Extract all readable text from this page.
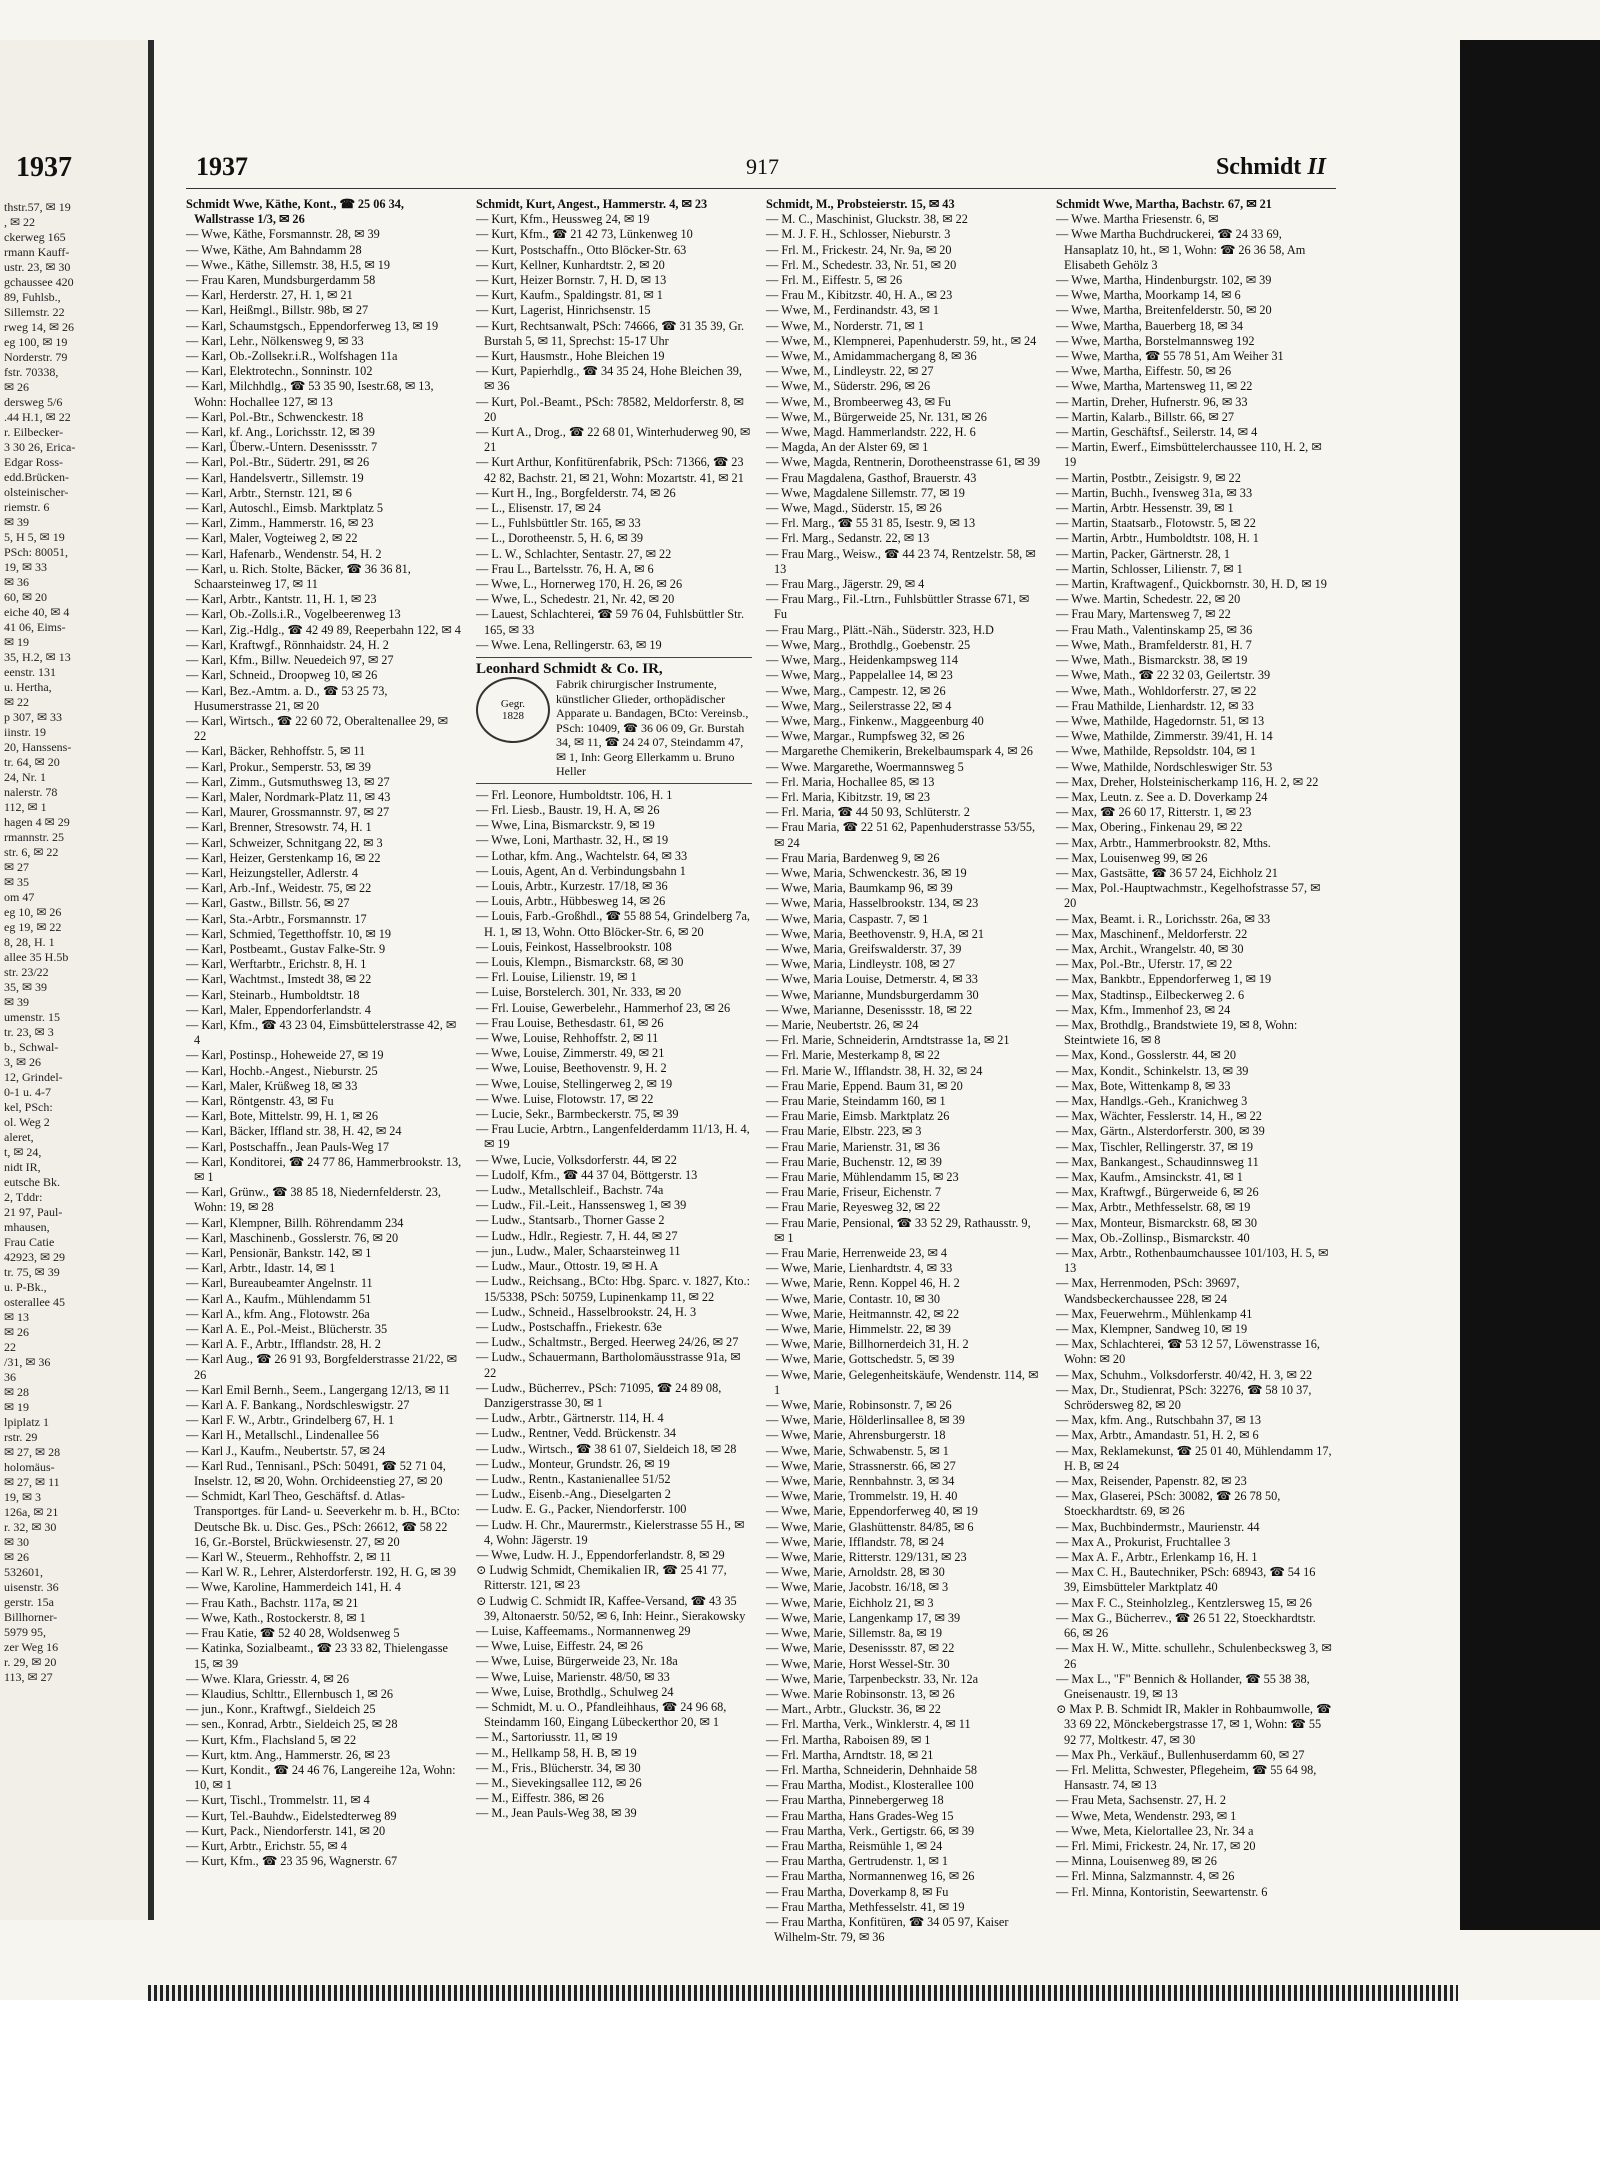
1937
thstr.57, ✉ 19
, ✉ 22
ckerweg 165
rmann Kauff-
ustr. 23, ✉ 30
gchaussee 420
89, Fuhlsb.,
Sillemstr. 22
rweg 14, ✉ 26
eg 100, ✉ 19
Norderstr. 79
fstr. 70338,
✉ 26
dersweg 5/6
.44 H.1, ✉ 22
r. Eilbecker-
3 30 26, Erica-
Edgar Ross-
edd.Brücken-
olsteinischer-
riemstr. 6
✉ 39
5, H 5, ✉ 19
PSch: 80051,
19, ✉ 33
✉ 36
60, ✉ 20
eiche 40, ✉ 4
41 06, Eims-
✉ 19
35, H.2, ✉ 13
eenstr. 131
u. Hertha,
✉ 22
p 307, ✉ 33
iinstr. 19
20, Hanssens-
tr. 64, ✉ 20
24, Nr. 1
nalerstr. 78
112, ✉ 1
hagen 4 ✉ 29
rmannstr. 25
str. 6, ✉ 22
✉ 27
✉ 35
om 47
eg 10, ✉ 26
eg 19, ✉ 22
8, 28, H. 1
allee 35 H.5b
str. 23/22
35, ✉ 39
✉ 39
umenstr. 15
tr. 23, ✉ 3
b., Schwal-
3, ✉ 26
12, Grindel-
0-1 u. 4-7
kel, PSch:
ol. Weg 2
aleret,
t, ✉ 24,
nidt IR,
eutsche Bk.
2, Tddr:
21 97, Paul-
mhausen,
Frau Catie
42923, ✉ 29
tr. 75, ✉ 39
u. P-Bk.,
osterallee 45
✉ 13
✉ 26
22
/31, ✉ 36
36
✉ 28
✉ 19
lpiplatz 1
rstr. 29
✉ 27, ✉ 28
holomäus-
✉ 27, ✉ 11
19, ✉ 3
126a, ✉ 21
r. 32, ✉ 30
✉ 30
✉ 26
532601,
uisenstr. 36
gerstr. 15a
Billhorner-
5979 95,
zer Weg 16
r. 29, ✉ 20
113, ✉ 27
1937	917	Schmidt II
Schmidt Wwe, Käthe, Kont., ☎ 25 06 34, Wallstrasse 1/3, ✉ 26
— Wwe, Käthe, Forsmannstr. 28, ✉ 39
— Wwe, Käthe, Am Bahndamm 28
— Wwe., Käthe, Sillemstr. 38, H.5, ✉ 19
— Frau Karen, Mundsburgerdamm 58
— Karl, Herderstr. 27, H. 1, ✉ 21
— Karl, Heißmgl., Billstr. 98b, ✉ 27
— Karl, Schaumstgsch., Eppendorferweg 13, ✉ 19
— Karl, Lehr., Nölkensweg 9, ✉ 33
— Karl, Ob.-Zollsekr.i.R., Wolfshagen 11a
— Karl, Elektrotechn., Sonninstr. 102
— Karl, Milchhdlg., ☎ 53 35 90, Isestr.68, ✉ 13, Wohn: Hochallee 127, ✉ 13
— Karl, Pol.-Btr., Schwenckestr. 18
— Karl, kf. Ang., Lorichsstr. 12, ✉ 39
— Karl, Überw.-Untern. Desenissstr. 7
— Karl, Pol.-Btr., Südertr. 291, ✉ 26
— Karl, Handelsvertr., Sillemstr. 19
— Karl, Arbtr., Sternstr. 121, ✉ 6
— Karl, Autoschl., Eimsb. Marktplatz 5
— Karl, Zimm., Hammerstr. 16, ✉ 23
— Karl, Maler, Vogteiweg 2, ✉ 22
— Karl, Hafenarb., Wendenstr. 54, H. 2
— Karl, u. Rich. Stolte, Bäcker, ☎ 36 36 81, Schaarsteinweg 17, ✉ 11
— Karl, Arbtr., Kantstr. 11, H. 1, ✉ 23
— Karl, Ob.-Zolls.i.R., Vogelbeerenweg 13
— Karl, Zig.-Hdlg., ☎ 42 49 89, Reeperbahn 122, ✉ 4
— Karl, Kraftwgf., Rönnhaidstr. 24, H. 2
— Karl, Kfm., Billw. Neuedeich 97, ✉ 27
— Karl, Schneid., Droopweg 10, ✉ 26
— Karl, Bez.-Amtm. a. D., ☎ 53 25 73, Husumerstrasse 21, ✉ 20
— Karl, Wirtsch., ☎ 22 60 72, Oberaltenallee 29, ✉ 22
— Karl, Bäcker, Rehhoffstr. 5, ✉ 11
— Karl, Prokur., Semperstr. 53, ✉ 39
— Karl, Zimm., Gutsmuthsweg 13, ✉ 27
— Karl, Maler, Nordmark-Platz 11, ✉ 43
— Karl, Maurer, Grossmannstr. 97, ✉ 27
— Karl, Brenner, Stresowstr. 74, H. 1
— Karl, Schweizer, Schnitgang 22, ✉ 3
— Karl, Heizer, Gerstenkamp 16, ✉ 22
— Karl, Heizungsteller, Adlerstr. 4
— Karl, Arb.-Inf., Weidestr. 75, ✉ 22
— Karl, Gastw., Billstr. 56, ✉ 27
— Karl, Sta.-Arbtr., Forsmannstr. 17
— Karl, Schmied, Tegetthoffstr. 10, ✉ 19
— Karl, Postbeamt., Gustav Falke-Str. 9
— Karl, Werftarbtr., Erichstr. 8, H. 1
— Karl, Wachtmst., Imstedt 38, ✉ 22
— Karl, Steinarb., Humboldtstr. 18
— Karl, Maler, Eppendorferlandstr. 4
— Karl, Kfm., ☎ 43 23 04, Eimsbüttelerstrasse 42, ✉ 4
— Karl, Postinsp., Hoheweide 27, ✉ 19
— Karl, Hochb.-Angest., Nieburstr. 25
— Karl, Maler, Krüßweg 18, ✉ 33
— Karl, Röntgenstr. 43, ✉ Fu
— Karl, Bote, Mittelstr. 99, H. 1, ✉ 26
— Karl, Bäcker, Iffland str. 38, H. 42, ✉ 24
— Karl, Postschaffn., Jean Pauls-Weg 17
— Karl, Konditorei, ☎ 24 77 86, Hammerbrookstr. 13, ✉ 1
— Karl, Grünw., ☎ 38 85 18, Niedernfelderstr. 23, Wohn: 19, ✉ 28
— Karl, Klempner, Billh. Röhrendamm 234
— Karl, Maschinenb., Gosslerstr. 76, ✉ 20
— Karl, Pensionär, Bankstr. 142, ✉ 1
— Karl, Arbtr., Idastr. 14, ✉ 1
— Karl, Bureaubeamter Angelnstr. 11
— Karl A., Kaufm., Mühlendamm 51
— Karl A., kfm. Ang., Flotowstr. 26a
— Karl A. E., Pol.-Meist., Blücherstr. 35
— Karl A. F., Arbtr., Ifflandstr. 28, H. 2
— Karl Aug., ☎ 26 91 93, Borgfelderstrasse 21/22, ✉ 26
— Karl Emil Bernh., Seem., Langergang 12/13, ✉ 11
— Karl A. F. Bankang., Nordschleswigstr. 27
— Karl F. W., Arbtr., Grindelberg 67, H. 1
— Karl H., Metallschl., Lindenallee 56
— Karl J., Kaufm., Neubertstr. 57, ✉ 24
— Karl Rud., Tennisanl., PSch: 50491, ☎ 52 71 04, Inselstr. 12, ✉ 20, Wohn. Orchideenstieg 27, ✉ 20
— Schmidt, Karl Theo, Geschäftsf. d. Atlas-Transportges. für Land- u. Seeverkehr m. b. H., BCto: Deutsche Bk. u. Disc. Ges., PSch: 26612, ☎ 58 22 16, Gr.-Borstel, Brückwiesenstr. 27, ✉ 20
— Karl W., Steuerm., Rehhoffstr. 2, ✉ 11
— Karl W. R., Lehrer, Alsterdorferstr. 192, H. G, ✉ 39
— Wwe, Karoline, Hammerdeich 141, H. 4
— Frau Kath., Bachstr. 117a, ✉ 21
— Wwe, Kath., Rostockerstr. 8, ✉ 1
— Frau Katie, ☎ 52 40 28, Woldsenweg 5
— Katinka, Sozialbeamt., ☎ 23 33 82, Thielengasse 15, ✉ 39
— Wwe. Klara, Griesstr. 4, ✉ 26
— Klaudius, Schlttr., Ellernbusch 1, ✉ 26
— jun., Konr., Kraftwgf., Sieldeich 25
— sen., Konrad, Arbtr., Sieldeich 25, ✉ 28
— Kurt, Kfm., Flachsland 5, ✉ 22
— Kurt, ktm. Ang., Hammerstr. 26, ✉ 23
— Kurt, Kondit., ☎ 24 46 76, Langereihe 12a, Wohn: 10, ✉ 1
— Kurt, Tischl., Trommelstr. 11, ✉ 4
— Kurt, Tel.-Bauhdw., Eidelstedterweg 89
— Kurt, Pack., Niendorferstr. 141, ✉ 20
— Kurt, Arbtr., Erichstr. 55, ✉ 4
— Kurt, Kfm., ☎ 23 35 96, Wagnerstr. 67
Schmidt, Kurt, Angest., Hammerstr. 4, ✉ 23
— Kurt, Kfm., Heussweg 24, ✉ 19
— Kurt, Kfm., ☎ 21 42 73, Lünkenweg 10
— Kurt, Postschaffn., Otto Blöcker-Str. 63
— Kurt, Kellner, Kunhardtstr. 2, ✉ 20
— Kurt, Heizer Bornstr. 7, H. D, ✉ 13
— Kurt, Kaufm., Spaldingstr. 81, ✉ 1
— Kurt, Lagerist, Hinrichsenstr. 15
— Kurt, Rechtsanwalt, PSch: 74666, ☎ 31 35 39, Gr. Burstah 5, ✉ 11, Sprechst: 15-17 Uhr
— Kurt, Hausmstr., Hohe Bleichen 19
— Kurt, Papierhdlg., ☎ 34 35 24, Hohe Bleichen 39, ✉ 36
— Kurt, Pol.-Beamt., PSch: 78582, Meldorferstr. 8, ✉ 20
— Kurt A., Drog., ☎ 22 68 01, Winterhuderweg 90, ✉ 21
— Kurt Arthur, Konfitürenfabrik, PSch: 71366, ☎ 23 42 82, Bachstr. 21, ✉ 21, Wohn: Mozartstr. 41, ✉ 21
— Kurt H., Ing., Borgfelderstr. 74, ✉ 26
— L., Elisenstr. 17, ✉ 24
— L., Fuhlsbüttler Str. 165, ✉ 33
— L., Dorotheenstr. 5, H. 6, ✉ 39
— L. W., Schlachter, Sentastr. 27, ✉ 22
— Frau L., Bartelsstr. 76, H. A, ✉ 6
— Wwe, L., Hornerweg 170, H. 26, ✉ 26
— Wwe, L., Schedestr. 21, Nr. 42, ✉ 20
— Lauest, Schlachterei, ☎ 59 76 04, Fuhlsbüttler Str. 165, ✉ 33
— Wwe. Lena, Rellingerstr. 63, ✉ 19
Leonhard Schmidt & Co. IR,
Gegr.
1828
Fabrik chirurgischer Instrumente, künstlicher Glieder, orthopädischer Apparate u. Bandagen, BCto: Vereinsb., PSch: 10409, ☎ 36 06 09, Gr. Burstah 34, ✉ 11, ☎ 24 24 07, Steindamm 47, ✉ 1, Inh: Georg Ellerkamm u. Bruno Heller
— Frl. Leonore, Humboldtstr. 106, H. 1
— Frl. Liesb., Baustr. 19, H. A, ✉ 26
— Wwe, Lina, Bismarckstr. 9, ✉ 19
— Wwe, Loni, Marthastr. 32, H., ✉ 19
— Lothar, kfm. Ang., Wachtelstr. 64, ✉ 33
— Louis, Agent, An d. Verbindungsbahn 1
— Louis, Arbtr., Kurzestr. 17/18, ✉ 36
— Louis, Arbtr., Hübbesweg 14, ✉ 26
— Louis, Farb.-Großhdl., ☎ 55 88 54, Grindelberg 7a, H. 1, ✉ 13, Wohn. Otto Blöcker-Str. 6, ✉ 20
— Louis, Feinkost, Hasselbrookstr. 108
— Louis, Klempn., Bismarckstr. 68, ✉ 30
— Frl. Louise, Lilienstr. 19, ✉ 1
— Luise, Borstelerch. 301, Nr. 333, ✉ 20
— Frl. Louise, Gewerbelehr., Hammerhof 23, ✉ 26
— Frau Louise, Bethesdastr. 61, ✉ 26
— Wwe, Louise, Rehhoffstr. 2, ✉ 11
— Wwe, Louise, Zimmerstr. 49, ✉ 21
— Wwe, Louise, Beethovenstr. 9, H. 2
— Wwe, Louise, Stellingerweg 2, ✉ 19
— Wwe. Luise, Flotowstr. 17, ✉ 22
— Lucie, Sekr., Barmbeckerstr. 75, ✉ 39
— Frau Lucie, Arbtrn., Langenfelderdamm 11/13, H. 4, ✉ 19
— Wwe, Lucie, Volksdorferstr. 44, ✉ 22
— Ludolf, Kfm., ☎ 44 37 04, Böttgerstr. 13
— Ludw., Metallschleif., Bachstr. 74a
— Ludw., Fil.-Leit., Hanssensweg 1, ✉ 39
— Ludw., Stantsarb., Thorner Gasse 2
— Ludw., Hdlr., Regiestr. 7, H. 44, ✉ 27
— jun., Ludw., Maler, Schaarsteinweg 11
— Ludw., Maur., Ottostr. 19, ✉ H. A
— Ludw., Reichsang., BCto: Hbg. Sparc. v. 1827, Kto.: 15/5338, PSch: 50759, Lupinenkamp 11, ✉ 22
— Ludw., Schneid., Hasselbrookstr. 24, H. 3
— Ludw., Postschaffn., Friekestr. 63e
— Ludw., Schaltmstr., Berged. Heerweg 24/26, ✉ 27
— Ludw., Schauermann, Bartholomäusstrasse 91a, ✉ 22
— Ludw., Bücherrev., PSch: 71095, ☎ 24 89 08, Danzigerstrasse 30, ✉ 1
— Ludw., Arbtr., Gärtnerstr. 114, H. 4
— Ludw., Rentner, Vedd. Brückenstr. 34
— Ludw., Wirtsch., ☎ 38 61 07, Sieldeich 18, ✉ 28
— Ludw., Monteur, Grundstr. 26, ✉ 19
— Ludw., Rentn., Kastanienallee 51/52
— Ludw., Eisenb.-Ang., Dieselgarten 2
— Ludw. E. G., Packer, Niendorferstr. 100
— Ludw. H. Chr., Maurermstr., Kielerstrasse 55 H., ✉ 4, Wohn: Jägerstr. 19
— Wwe, Ludw. H. J., Eppendorferlandstr. 8, ✉ 29
⊙ Ludwig Schmidt, Chemikalien IR, ☎ 25 41 77, Ritterstr. 121, ✉ 23
⊙ Ludwig C. Schmidt IR, Kaffee-Versand, ☎ 43 35 39, Altonaerstr. 50/52, ✉ 6, Inh: Heinr., Sierakowsky
— Luise, Kaffeemams., Normannenweg 29
— Wwe, Luise, Eiffestr. 24, ✉ 26
— Wwe, Luise, Bürgerweide 23, Nr. 18a
— Wwe, Luise, Marienstr. 48/50, ✉ 33
— Wwe, Luise, Brothdlg., Schulweg 24
— Schmidt, M. u. O., Pfandleihhaus, ☎ 24 96 68, Steindamm 160, Eingang Lübeckerthor 20, ✉ 1
— M., Sartoriusstr. 11, ✉ 19
— M., Hellkamp 58, H. B, ✉ 19
— M., Fris., Blücherstr. 34, ✉ 30
— M., Sievekingsallee 112, ✉ 26
— M., Eiffestr. 386, ✉ 26
— M., Jean Pauls-Weg 38, ✉ 39
Schmidt, M., Probsteierstr. 15, ✉ 43
— M. C., Maschinist, Gluckstr. 38, ✉ 22
— M. J. F. H., Schlosser, Nieburstr. 3
— Frl. M., Frickestr. 24, Nr. 9a, ✉ 20
— Frl. M., Schedestr. 33, Nr. 51, ✉ 20
— Frl. M., Eiffestr. 5, ✉ 26
— Frau M., Kibitzstr. 40, H. A., ✉ 23
— Wwe, M., Ferdinandstr. 43, ✉ 1
— Wwe, M., Norderstr. 71, ✉ 1
— Wwe, M., Klempnerei, Papenhuderstr. 59, ht., ✉ 24
— Wwe, M., Amidammachergang 8, ✉ 36
— Wwe, M., Lindleystr. 22, ✉ 27
— Wwe, M., Süderstr. 296, ✉ 26
— Wwe, M., Brombeerweg 43, ✉ Fu
— Wwe, M., Bürgerweide 25, Nr. 131, ✉ 26
— Wwe, Magd. Hammerlandstr. 222, H. 6
— Magda, An der Alster 69, ✉ 1
— Wwe, Magda, Rentnerin, Dorotheenstrasse 61, ✉ 39
— Frau Magdalena, Gasthof, Brauerstr. 43
— Wwe, Magdalene Sillemstr. 77, ✉ 19
— Wwe, Magd., Süderstr. 15, ✉ 26
— Frl. Marg., ☎ 55 31 85, Isestr. 9, ✉ 13
— Frl. Marg., Sedanstr. 22, ✉ 13
— Frau Marg., Weisw., ☎ 44 23 74, Rentzelstr. 58, ✉ 13
— Frau Marg., Jägerstr. 29, ✉ 4
— Frau Marg., Fil.-Ltrn., Fuhlsbüttler Strasse 671, ✉ Fu
— Frau Marg., Plätt.-Näh., Süderstr. 323, H.D
— Wwe, Marg., Brothdlg., Goebenstr. 25
— Wwe, Marg., Heidenkampsweg 114
— Wwe, Marg., Pappelallee 14, ✉ 23
— Wwe, Marg., Campestr. 12, ✉ 26
— Wwe, Marg., Seilerstrasse 22, ✉ 4
— Wwe, Marg., Finkenw., Maggeenburg 40
— Wwe, Margar., Rumpfsweg 32, ✉ 26
— Margarethe Chemikerin, Brekelbaumspark 4, ✉ 26
— Wwe. Margarethe, Woermannsweg 5
— Frl. Maria, Hochallee 85, ✉ 13
— Frl. Maria, Kibitzstr. 19, ✉ 23
— Frl. Maria, ☎ 44 50 93, Schlüterstr. 2
— Frau Maria, ☎ 22 51 62, Papenhuderstrasse 53/55, ✉ 24
— Frau Maria, Bardenweg 9, ✉ 26
— Wwe, Maria, Schwenckestr. 36, ✉ 19
— Wwe, Maria, Baumkamp 96, ✉ 39
— Wwe, Maria, Hasselbrookstr. 134, ✉ 23
— Wwe, Maria, Caspastr. 7, ✉ 1
— Wwe, Maria, Beethovenstr. 9, H.A, ✉ 21
— Wwe, Maria, Greifswalderstr. 37, 39
— Wwe, Maria, Lindleystr. 108, ✉ 27
— Wwe, Maria Louise, Detmerstr. 4, ✉ 33
— Wwe, Marianne, Mundsburgerdamm 30
— Wwe, Marianne, Desenissstr. 18, ✉ 22
— Marie, Neubertstr. 26, ✉ 24
— Frl. Marie, Schneiderin, Arndtstrasse 1a, ✉ 21
— Frl. Marie, Mesterkamp 8, ✉ 22
— Frl. Marie W., Ifflandstr. 38, H. 32, ✉ 24
— Frau Marie, Eppend. Baum 31, ✉ 20
— Frau Marie, Steindamm 160, ✉ 1
— Frau Marie, Eimsb. Marktplatz 26
— Frau Marie, Elbstr. 223, ✉ 3
— Frau Marie, Marienstr. 31, ✉ 36
— Frau Marie, Buchenstr. 12, ✉ 39
— Frau Marie, Mühlendamm 15, ✉ 23
— Frau Marie, Friseur, Eichenstr. 7
— Frau Marie, Reyesweg 32, ✉ 22
— Frau Marie, Pensional, ☎ 33 52 29, Rathausstr. 9, ✉ 1
— Frau Marie, Herrenweide 23, ✉ 4
— Wwe, Marie, Lienhardtstr. 4, ✉ 33
— Wwe, Marie, Renn. Koppel 46, H. 2
— Wwe, Marie, Contastr. 10, ✉ 30
— Wwe, Marie, Heitmannstr. 42, ✉ 22
— Wwe, Marie, Himmelstr. 22, ✉ 39
— Wwe, Marie, Billhornerdeich 31, H. 2
— Wwe, Marie, Gottschedstr. 5, ✉ 39
— Wwe, Marie, Gelegenheitskäufe, Wendenstr. 114, ✉ 1
— Wwe, Marie, Robinsonstr. 7, ✉ 26
— Wwe, Marie, Hölderlinsallee 8, ✉ 39
— Wwe, Marie, Ahrensburgerstr. 18
— Wwe, Marie, Schwabenstr. 5, ✉ 1
— Wwe, Marie, Strassnerstr. 66, ✉ 27
— Wwe, Marie, Rennbahnstr. 3, ✉ 34
— Wwe, Marie, Trommelstr. 19, H. 40
— Wwe, Marie, Eppendorferweg 40, ✉ 19
— Wwe, Marie, Glashüttenstr. 84/85, ✉ 6
— Wwe, Marie, Ifflandstr. 78, ✉ 24
— Wwe, Marie, Ritterstr. 129/131, ✉ 23
— Wwe, Marie, Arnoldstr. 28, ✉ 30
— Wwe, Marie, Jacobstr. 16/18, ✉ 3
— Wwe, Marie, Eichholz 21, ✉ 3
— Wwe, Marie, Langenkamp 17, ✉ 39
— Wwe, Marie, Sillemstr. 8a, ✉ 19
— Wwe, Marie, Desenissstr. 87, ✉ 22
— Wwe, Marie, Horst Wessel-Str. 30
— Wwe, Marie, Tarpenbeckstr. 33, Nr. 12a
— Wwe. Marie Robinsonstr. 13, ✉ 26
— Mart., Arbtr., Gluckstr. 36, ✉ 22
— Frl. Martha, Verk., Winklerstr. 4, ✉ 11
— Frl. Martha, Raboisen 89, ✉ 1
— Frl. Martha, Arndtstr. 18, ✉ 21
— Frl. Martha, Schneiderin, Dehnhaide 58
— Frau Martha, Modist., Klosterallee 100
— Frau Martha, Pinnebergerweg 18
— Frau Martha, Hans Grades-Weg 15
— Frau Martha, Verk., Gertigstr. 66, ✉ 39
— Frau Martha, Reismühle 1, ✉ 24
— Frau Martha, Gertrudenstr. 1, ✉ 1
— Frau Martha, Normannenweg 16, ✉ 26
— Frau Martha, Doverkamp 8, ✉ Fu
— Frau Martha, Methfesselstr. 41, ✉ 19
— Frau Martha, Konfitüren, ☎ 34 05 97, Kaiser Wilhelm-Str. 79, ✉ 36
Schmidt Wwe, Martha, Bachstr. 67, ✉ 21
— Wwe. Martha Friesenstr. 6, ✉
— Wwe Martha Buchdruckerei, ☎ 24 33 69, Hansaplatz 10, ht., ✉ 1, Wohn: ☎ 26 36 58, Am Elisabeth Gehölz 3
— Wwe, Martha, Hindenburgstr. 102, ✉ 39
— Wwe, Martha, Moorkamp 14, ✉ 6
— Wwe, Martha, Breitenfelderstr. 50, ✉ 20
— Wwe, Martha, Bauerberg 18, ✉ 34
— Wwe, Martha, Borstelmannsweg 192
— Wwe, Martha, ☎ 55 78 51, Am Weiher 31
— Wwe, Martha, Eiffestr. 50, ✉ 26
— Wwe, Martha, Martensweg 11, ✉ 22
— Martin, Dreher, Hufnerstr. 96, ✉ 33
— Martin, Kalarb., Billstr. 66, ✉ 27
— Martin, Geschäftsf., Seilerstr. 14, ✉ 4
— Martin, Ewerf., Eimsbüttelerchaussee 110, H. 2, ✉ 19
— Martin, Postbtr., Zeisigstr. 9, ✉ 22
— Martin, Buchh., Ivensweg 31a, ✉ 33
— Martin, Arbtr. Hessenstr. 39, ✉ 1
— Martin, Staatsarb., Flotowstr. 5, ✉ 22
— Martin, Arbtr., Humboldtstr. 108, H. 1
— Martin, Packer, Gärtnerstr. 28, 1
— Martin, Schlosser, Lilienstr. 7, ✉ 1
— Martin, Kraftwagenf., Quickbornstr. 30, H. D, ✉ 19
— Wwe. Martin, Schedestr. 22, ✉ 20
— Frau Mary, Martensweg 7, ✉ 22
— Frau Math., Valentinskamp 25, ✉ 36
— Wwe, Math., Bramfelderstr. 81, H. 7
— Wwe, Math., Bismarckstr. 38, ✉ 19
— Wwe, Math., ☎ 22 32 03, Geilertstr. 39
— Wwe, Math., Wohldorferstr. 27, ✉ 22
— Frau Mathilde, Lienhardstr. 12, ✉ 33
— Wwe, Mathilde, Hagedornstr. 51, ✉ 13
— Wwe, Mathilde, Zimmerstr. 39/41, H. 14
— Wwe, Mathilde, Repsoldstr. 104, ✉ 1
— Wwe, Mathilde, Nordschleswiger Str. 53
— Max, Dreher, Holsteinischerkamp 116, H. 2, ✉ 22
— Max, Leutn. z. See a. D. Doverkamp 24
— Max, ☎ 26 60 17, Ritterstr. 1, ✉ 23
— Max, Obering., Finkenau 29, ✉ 22
— Max, Arbtr., Hammerbrookstr. 82, Mths.
— Max, Louisenweg 99, ✉ 26
— Max, Gastsätte, ☎ 36 57 24, Eichholz 21
— Max, Pol.-Hauptwachmstr., Kegelhofstrasse 57, ✉ 20
— Max, Beamt. i. R., Lorichsstr. 26a, ✉ 33
— Max, Maschinenf., Meldorferstr. 22
— Max, Archit., Wrangelstr. 40, ✉ 30
— Max, Pol.-Btr., Uferstr. 17, ✉ 22
— Max, Bankbtr., Eppendorferweg 1, ✉ 19
— Max, Stadtinsp., Eilbeckerweg 2. 6
— Max, Kfm., Immenhof 23, ✉ 24
— Max, Brothdlg., Brandstwiete 19, ✉ 8, Wohn: Steintwiete 16, ✉ 8
— Max, Kond., Gosslerstr. 44, ✉ 20
— Max, Kondit., Schinkelstr. 13, ✉ 39
— Max, Bote, Wittenkamp 8, ✉ 33
— Max, Handlgs.-Geh., Kranichweg 3
— Max, Wächter, Fesslerstr. 14, H., ✉ 22
— Max, Gärtn., Alsterdorferstr. 300, ✉ 39
— Max, Tischler, Rellingerstr. 37, ✉ 19
— Max, Bankangest., Schaudinnsweg 11
— Max, Kaufm., Amsinckstr. 41, ✉ 1
— Max, Kraftwgf., Bürgerweide 6, ✉ 26
— Max, Arbtr., Methfesselstr. 68, ✉ 19
— Max, Monteur, Bismarckstr. 68, ✉ 30
— Max, Ob.-Zollinsp., Bismarckstr. 40
— Max, Arbtr., Rothenbaumchaussee 101/103, H. 5, ✉ 13
— Max, Herrenmoden, PSch: 39697, Wandsbeckerchaussee 228, ✉ 24
— Max, Feuerwehrm., Mühlenkamp 41
— Max, Klempner, Sandweg 10, ✉ 19
— Max, Schlachterei, ☎ 53 12 57, Löwenstrasse 16, Wohn: ✉ 20
— Max, Schuhm., Volksdorferstr. 40/42, H. 3, ✉ 22
— Max, Dr., Studienrat, PSch: 32276, ☎ 58 10 37, Schrödersweg 82, ✉ 20
— Max, kfm. Ang., Rutschbahn 37, ✉ 13
— Max, Arbtr., Amandastr. 51, H. 2, ✉ 6
— Max, Reklamekunst, ☎ 25 01 40, Mühlendamm 17, H. B, ✉ 24
— Max, Reisender, Papenstr. 82, ✉ 23
— Max, Glaserei, PSch: 30082, ☎ 26 78 50, Stoeckhardtstr. 69, ✉ 26
— Max, Buchbindermstr., Maurienstr. 44
— Max A., Prokurist, Fruchtallee 3
— Max A. F., Arbtr., Erlenkamp 16, H. 1
— Max C. H., Bautechniker, PSch: 68943, ☎ 54 16 39, Eimsbütteler Marktplatz 40
— Max F. C., Steinholzleg., Kentzlersweg 15, ✉ 26
— Max G., Bücherrev., ☎ 26 51 22, Stoeckhardtstr. 66, ✉ 26
— Max H. W., Mitte. schullehr., Schulenbecksweg 3, ✉ 26
— Max L., "F" Bennich & Hollander, ☎ 55 38 38, Gneisenaustr. 19, ✉ 13
⊙ Max P. B. Schmidt IR, Makler in Rohbaumwolle, ☎ 33 69 22, Mönckebergstrasse 17, ✉ 1, Wohn: ☎ 55 92 77, Moltkestr. 47, ✉ 30
— Max Ph., Verkäuf., Bullenhuserdamm 60, ✉ 27
— Frl. Melitta, Schwester, Pflegeheim, ☎ 55 64 98, Hansastr. 74, ✉ 13
— Frau Meta, Sachsenstr. 27, H. 2
— Wwe, Meta, Wendenstr. 293, ✉ 1
— Wwe, Meta, Kielortallee 23, Nr. 34 a
— Frl. Mimi, Frickestr. 24, Nr. 17, ✉ 20
— Minna, Louisenweg 89, ✉ 26
— Frl. Minna, Salzmannstr. 4, ✉ 26
— Frl. Minna, Kontoristin, Seewartenstr. 6
